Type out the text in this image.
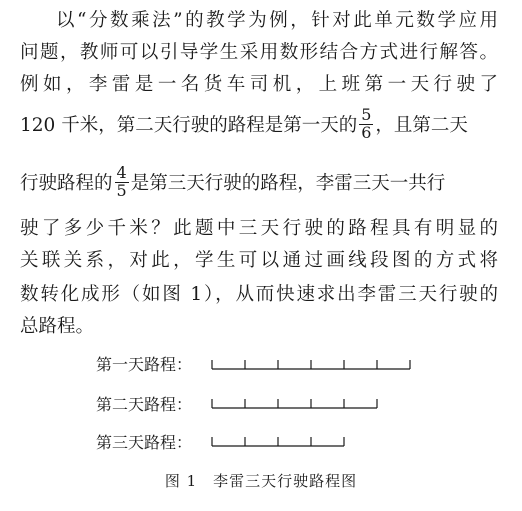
以“分数乘法”的教学为例，针对此单元数学应用
问题，教师可以引导学生采用数形结合方式进行解答。
例如，李雷是一名货车司机，上班第一天行驶了
120 千米，第二天行驶的路程是第一天的 $\frac{5}{6}$ ，且第二天
行驶路程的 $\frac{4}{5}$ 是第三天行驶的路程，李雷三天一共行
驶了多少千米？此题中三天行驶的路程具有明显的
关联关系，对此，学生可以通过画线段图的方式将
数转化成形（如图 1），从而快速求出李雷三天行驶的
总路程。
第一天路程：
第二天路程：
第三天路程：
图 1　李雷三天行驶路程图
